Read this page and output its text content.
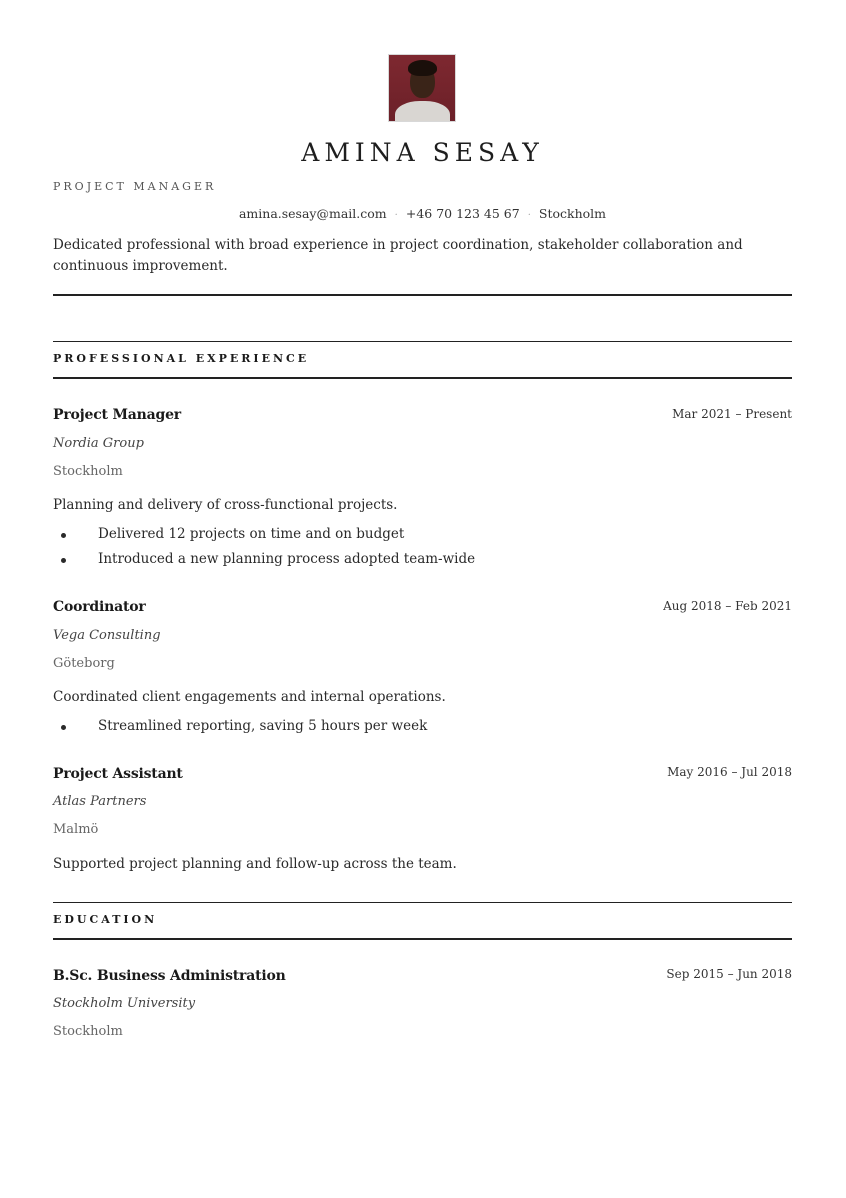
AMINA SESAY
PROJECT MANAGER
amina.sesay@mail.com · +46 70 123 45 67 · Stockholm
Dedicated professional with broad experience in project coordination, stakeholder collaboration and continuous improvement.
PROFESSIONAL EXPERIENCE
Project Manager	Mar 2021 – Present
Nordia Group
Stockholm
Planning and delivery of cross-functional projects.
Delivered 12 projects on time and on budget
Introduced a new planning process adopted team-wide
Coordinator	Aug 2018 – Feb 2021
Vega Consulting
Göteborg
Coordinated client engagements and internal operations.
Streamlined reporting, saving 5 hours per week
Project Assistant	May 2016 – Jul 2018
Atlas Partners
Malmö
Supported project planning and follow-up across the team.
EDUCATION
B.Sc. Business Administration	Sep 2015 – Jun 2018
Stockholm University
Stockholm
